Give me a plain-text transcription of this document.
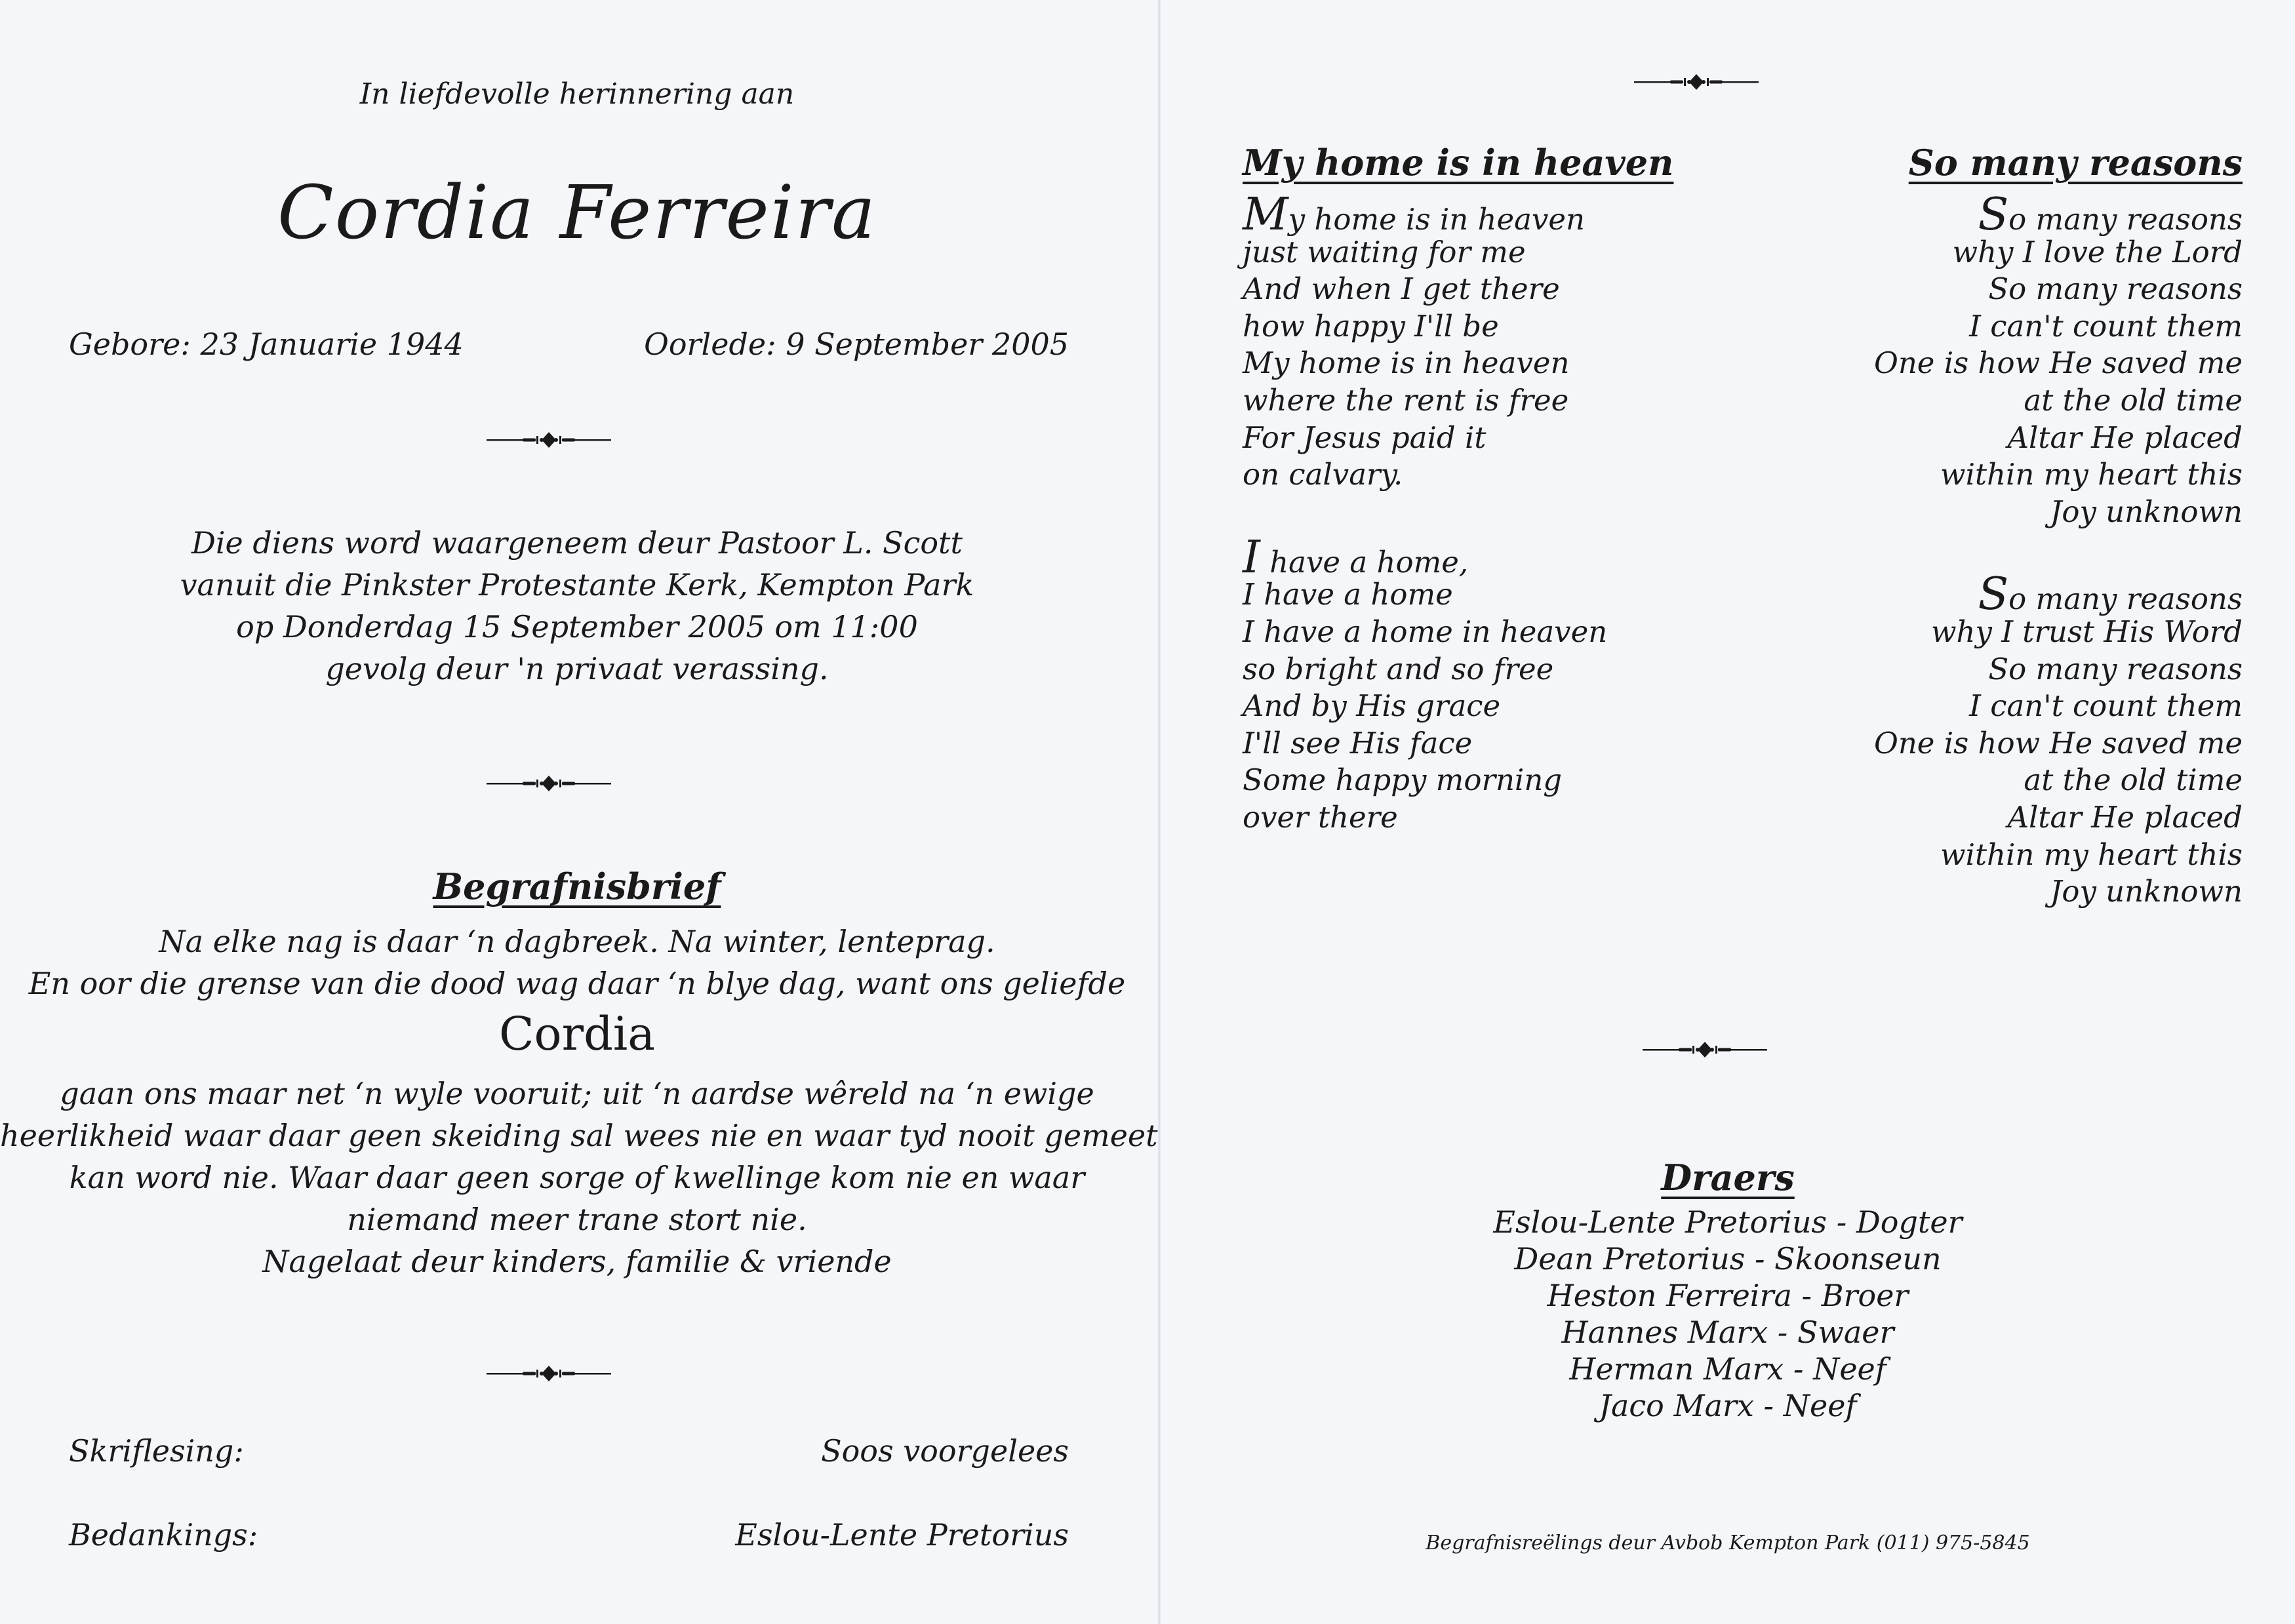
In liefdevolle herinnering aan
Cordia Ferreira
Gebore: 23 Januarie 1944	Oorlede: 9 September 2005
Die diens word waargeneem deur Pastoor L. Scott
vanuit die Pinkster Protestante Kerk, Kempton Park
op Donderdag 15 September 2005 om 11:00
gevolg deur 'n privaat verassing.
Begrafnisbrief
Na elke nag is daar ‘n dagbreek. Na winter, lenteprag.
En oor die grense van die dood wag daar ‘n blye dag, want ons geliefde
Cordia
gaan ons maar net ‘n wyle vooruit; uit ‘n aardse wêreld na ‘n ewige
heerlikheid waar daar geen skeiding sal wees nie en waar tyd nooit gemeet
kan word nie. Waar daar geen sorge of kwellinge kom nie en waar
niemand meer trane stort nie.
Nagelaat deur kinders, familie & vriende
Skriflesing:	Soos voorgelees
Bedankings:	Eslou-Lente Pretorius
My home is in heaven
My home is in heaven
just waiting for me
And when I get there
how happy I'll be
My home is in heaven
where the rent is free
For Jesus paid it
on calvary.
I have a home,
I have a home
I have a home in heaven
so bright and so free
And by His grace
I'll see His face
Some happy morning
over there
So many reasons
So many reasons
why I love the Lord
So many reasons
I can't count them
One is how He saved me
at the old time
Altar He placed
within my heart this
Joy unknown
So many reasons
why I trust His Word
So many reasons
I can't count them
One is how He saved me
at the old time
Altar He placed
within my heart this
Joy unknown
Draers
Eslou-Lente Pretorius - Dogter
Dean Pretorius - Skoonseun
Heston Ferreira - Broer
Hannes Marx - Swaer
Herman Marx - Neef
Jaco Marx - Neef
Begrafnisreëlings deur Avbob Kempton Park (011) 975-5845
